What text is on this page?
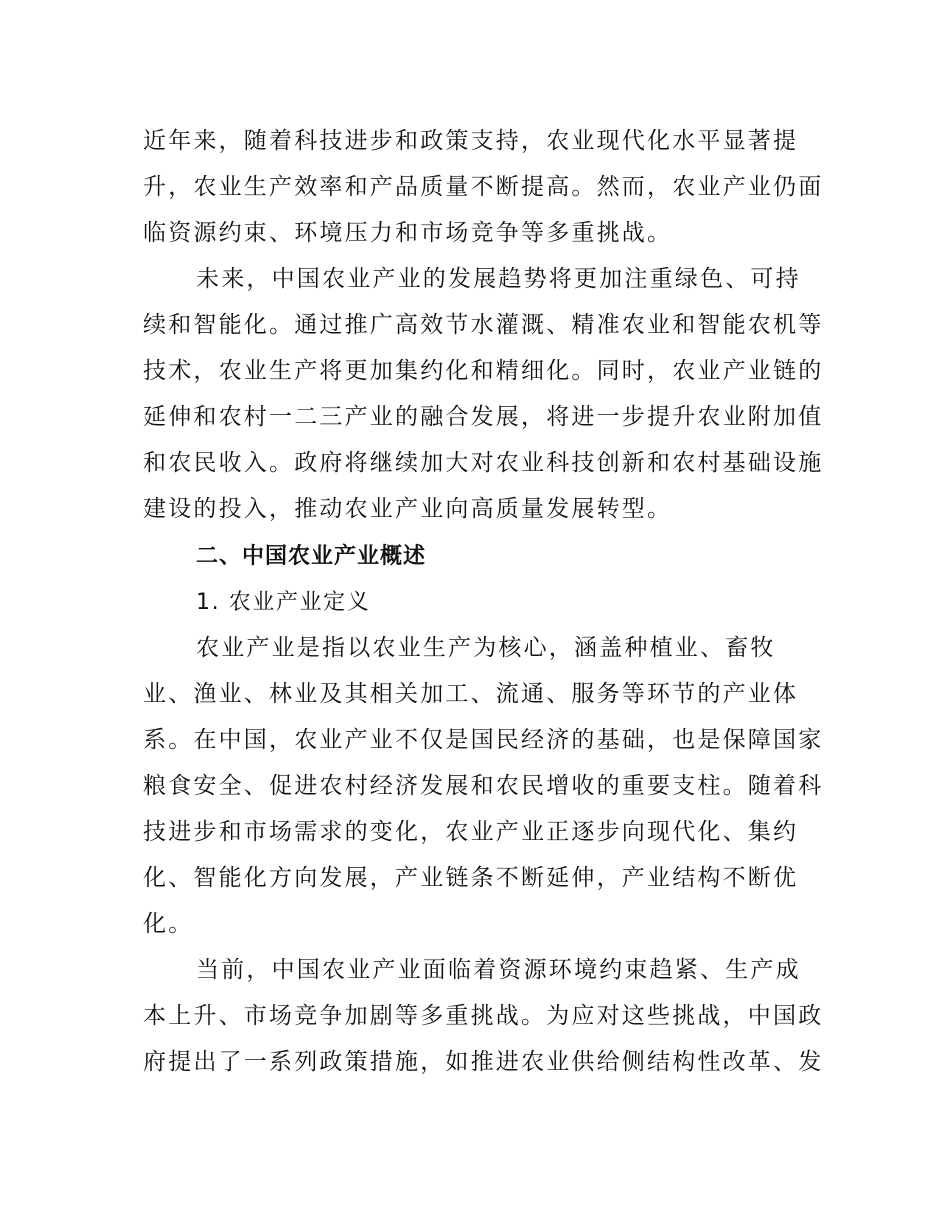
近年来，随着科技进步和政策支持，农业现代化水平显著提
升，农业生产效率和产品质量不断提高。然而，农业产业仍面
临资源约束、环境压力和市场竞争等多重挑战。
未来，中国农业产业的发展趋势将更加注重绿色、可持
续和智能化。通过推广高效节水灌溉、精准农业和智能农机等
技术，农业生产将更加集约化和精细化。同时，农业产业链的
延伸和农村一二三产业的融合发展，将进一步提升农业附加值
和农民收入。政府将继续加大对农业科技创新和农村基础设施
建设的投入，推动农业产业向高质量发展转型。
二、中国农业产业概述
1. 农业产业定义
农业产业是指以农业生产为核心，涵盖种植业、畜牧
业、渔业、林业及其相关加工、流通、服务等环节的产业体
系。在中国，农业产业不仅是国民经济的基础，也是保障国家
粮食安全、促进农村经济发展和农民增收的重要支柱。随着科
技进步和市场需求的变化，农业产业正逐步向现代化、集约
化、智能化方向发展，产业链条不断延伸，产业结构不断优
化。
当前，中国农业产业面临着资源环境约束趋紧、生产成
本上升、市场竞争加剧等多重挑战。为应对这些挑战，中国政
府提出了一系列政策措施，如推进农业供给侧结构性改革、发
